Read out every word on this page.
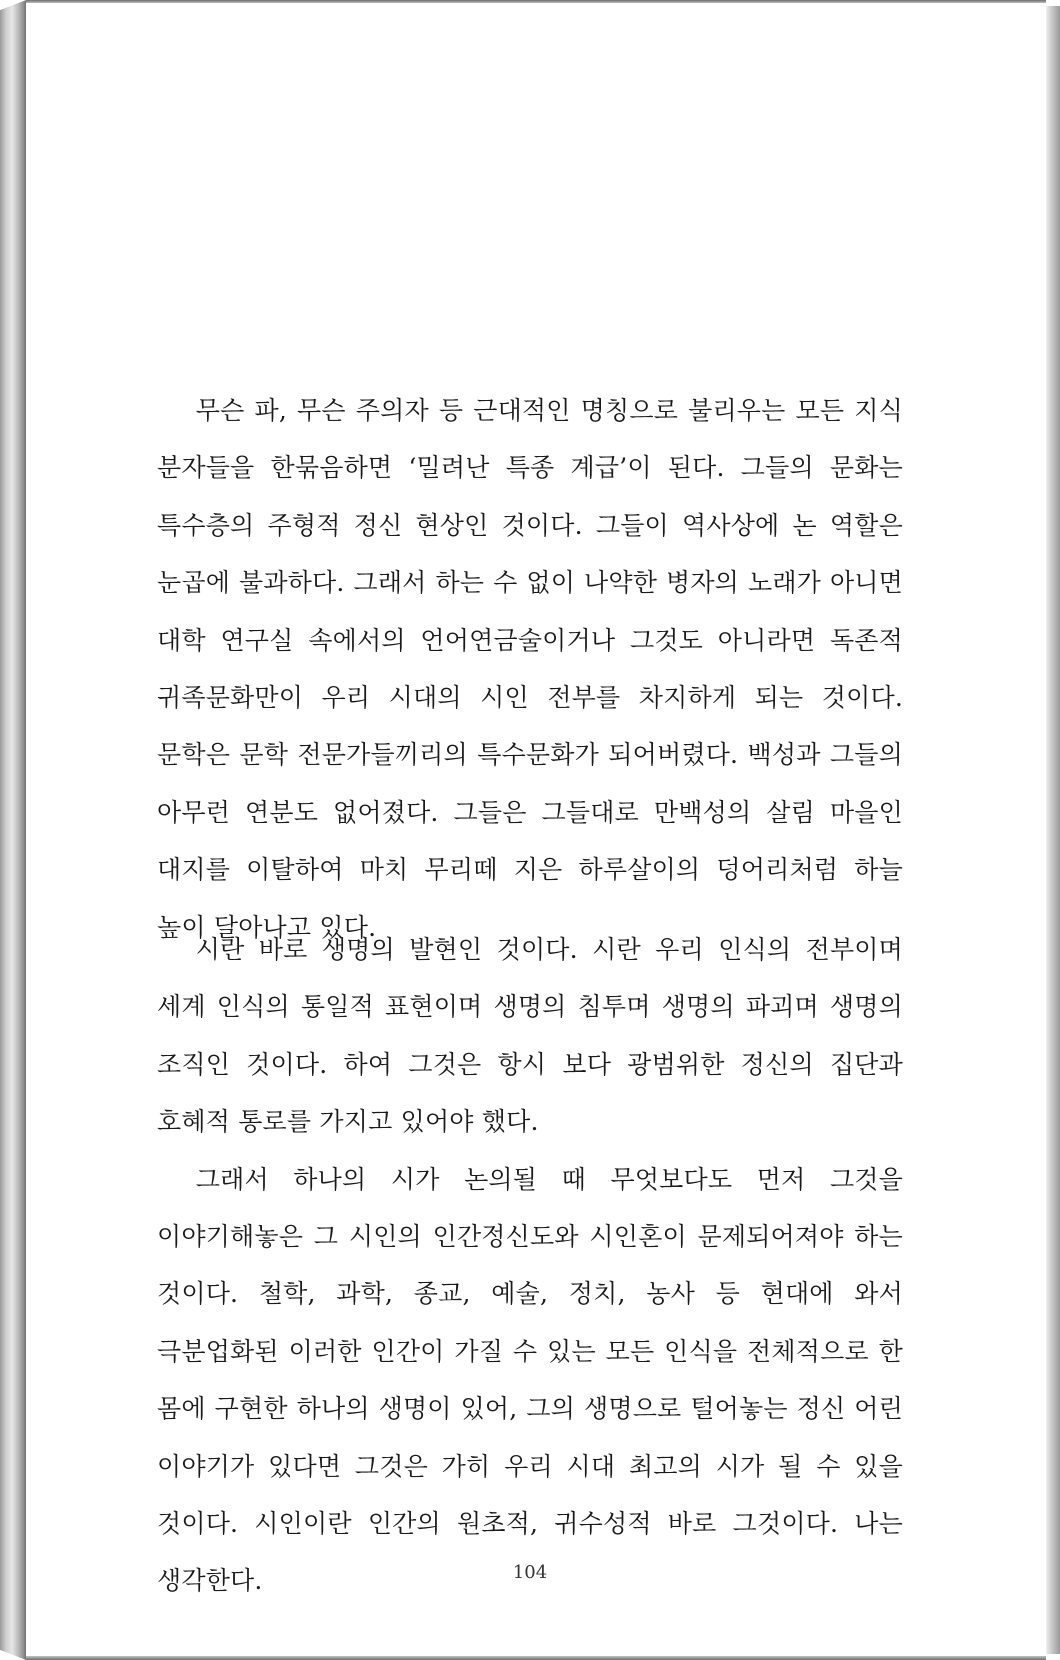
무슨 파, 무슨 주의자 등 근대적인 명칭으로 불리우는 모든 지식 분자들을 한묶음하면 ‘밀려난 특종 계급’이 된다. 그들의 문화는 특수층의 주형적 정신 현상인 것이다. 그들이 역사상에 논 역할은 눈곱에 불과하다. 그래서 하는 수 없이 나약한 병자의 노래가 아니면 대학 연구실 속에서의 언어연금술이거나 그것도 아니라면 독존적 귀족문화만이 우리 시대의 시인 전부를 차지하게 되는 것이다. 문학은 문학 전문가들끼리의 특수문화가 되어버렸다. 백성과 그들의 아무런 연분도 없어졌다. 그들은 그들대로 만백성의 살림 마을인 대지를 이탈하여 마치 무리떼 지은 하루살이의 덩어리처럼 하늘 높이 달아나고 있다.

시란 바로 생명의 발현인 것이다. 시란 우리 인식의 전부이며 세계 인식의 통일적 표현이며 생명의 침투며 생명의 파괴며 생명의 조직인 것이다. 하여 그것은 항시 보다 광범위한 정신의 집단과 호혜적 통로를 가지고 있어야 했다.

그래서 하나의 시가 논의될 때 무엇보다도 먼저 그것을 이야기해놓은 그 시인의 인간정신도와 시인혼이 문제되어져야 하는 것이다. 철학, 과학, 종교, 예술, 정치, 농사 등 현대에 와서 극분업화된 이러한 인간이 가질 수 있는 모든 인식을 전체적으로 한 몸에 구현한 하나의 생명이 있어, 그의 생명으로 털어놓는 정신 어린 이야기가 있다면 그것은 가히 우리 시대 최고의 시가 될 수 있을 것이다. 시인이란 인간의 원초적, 귀수성적 바로 그것이다. 나는 생각한다.	104
